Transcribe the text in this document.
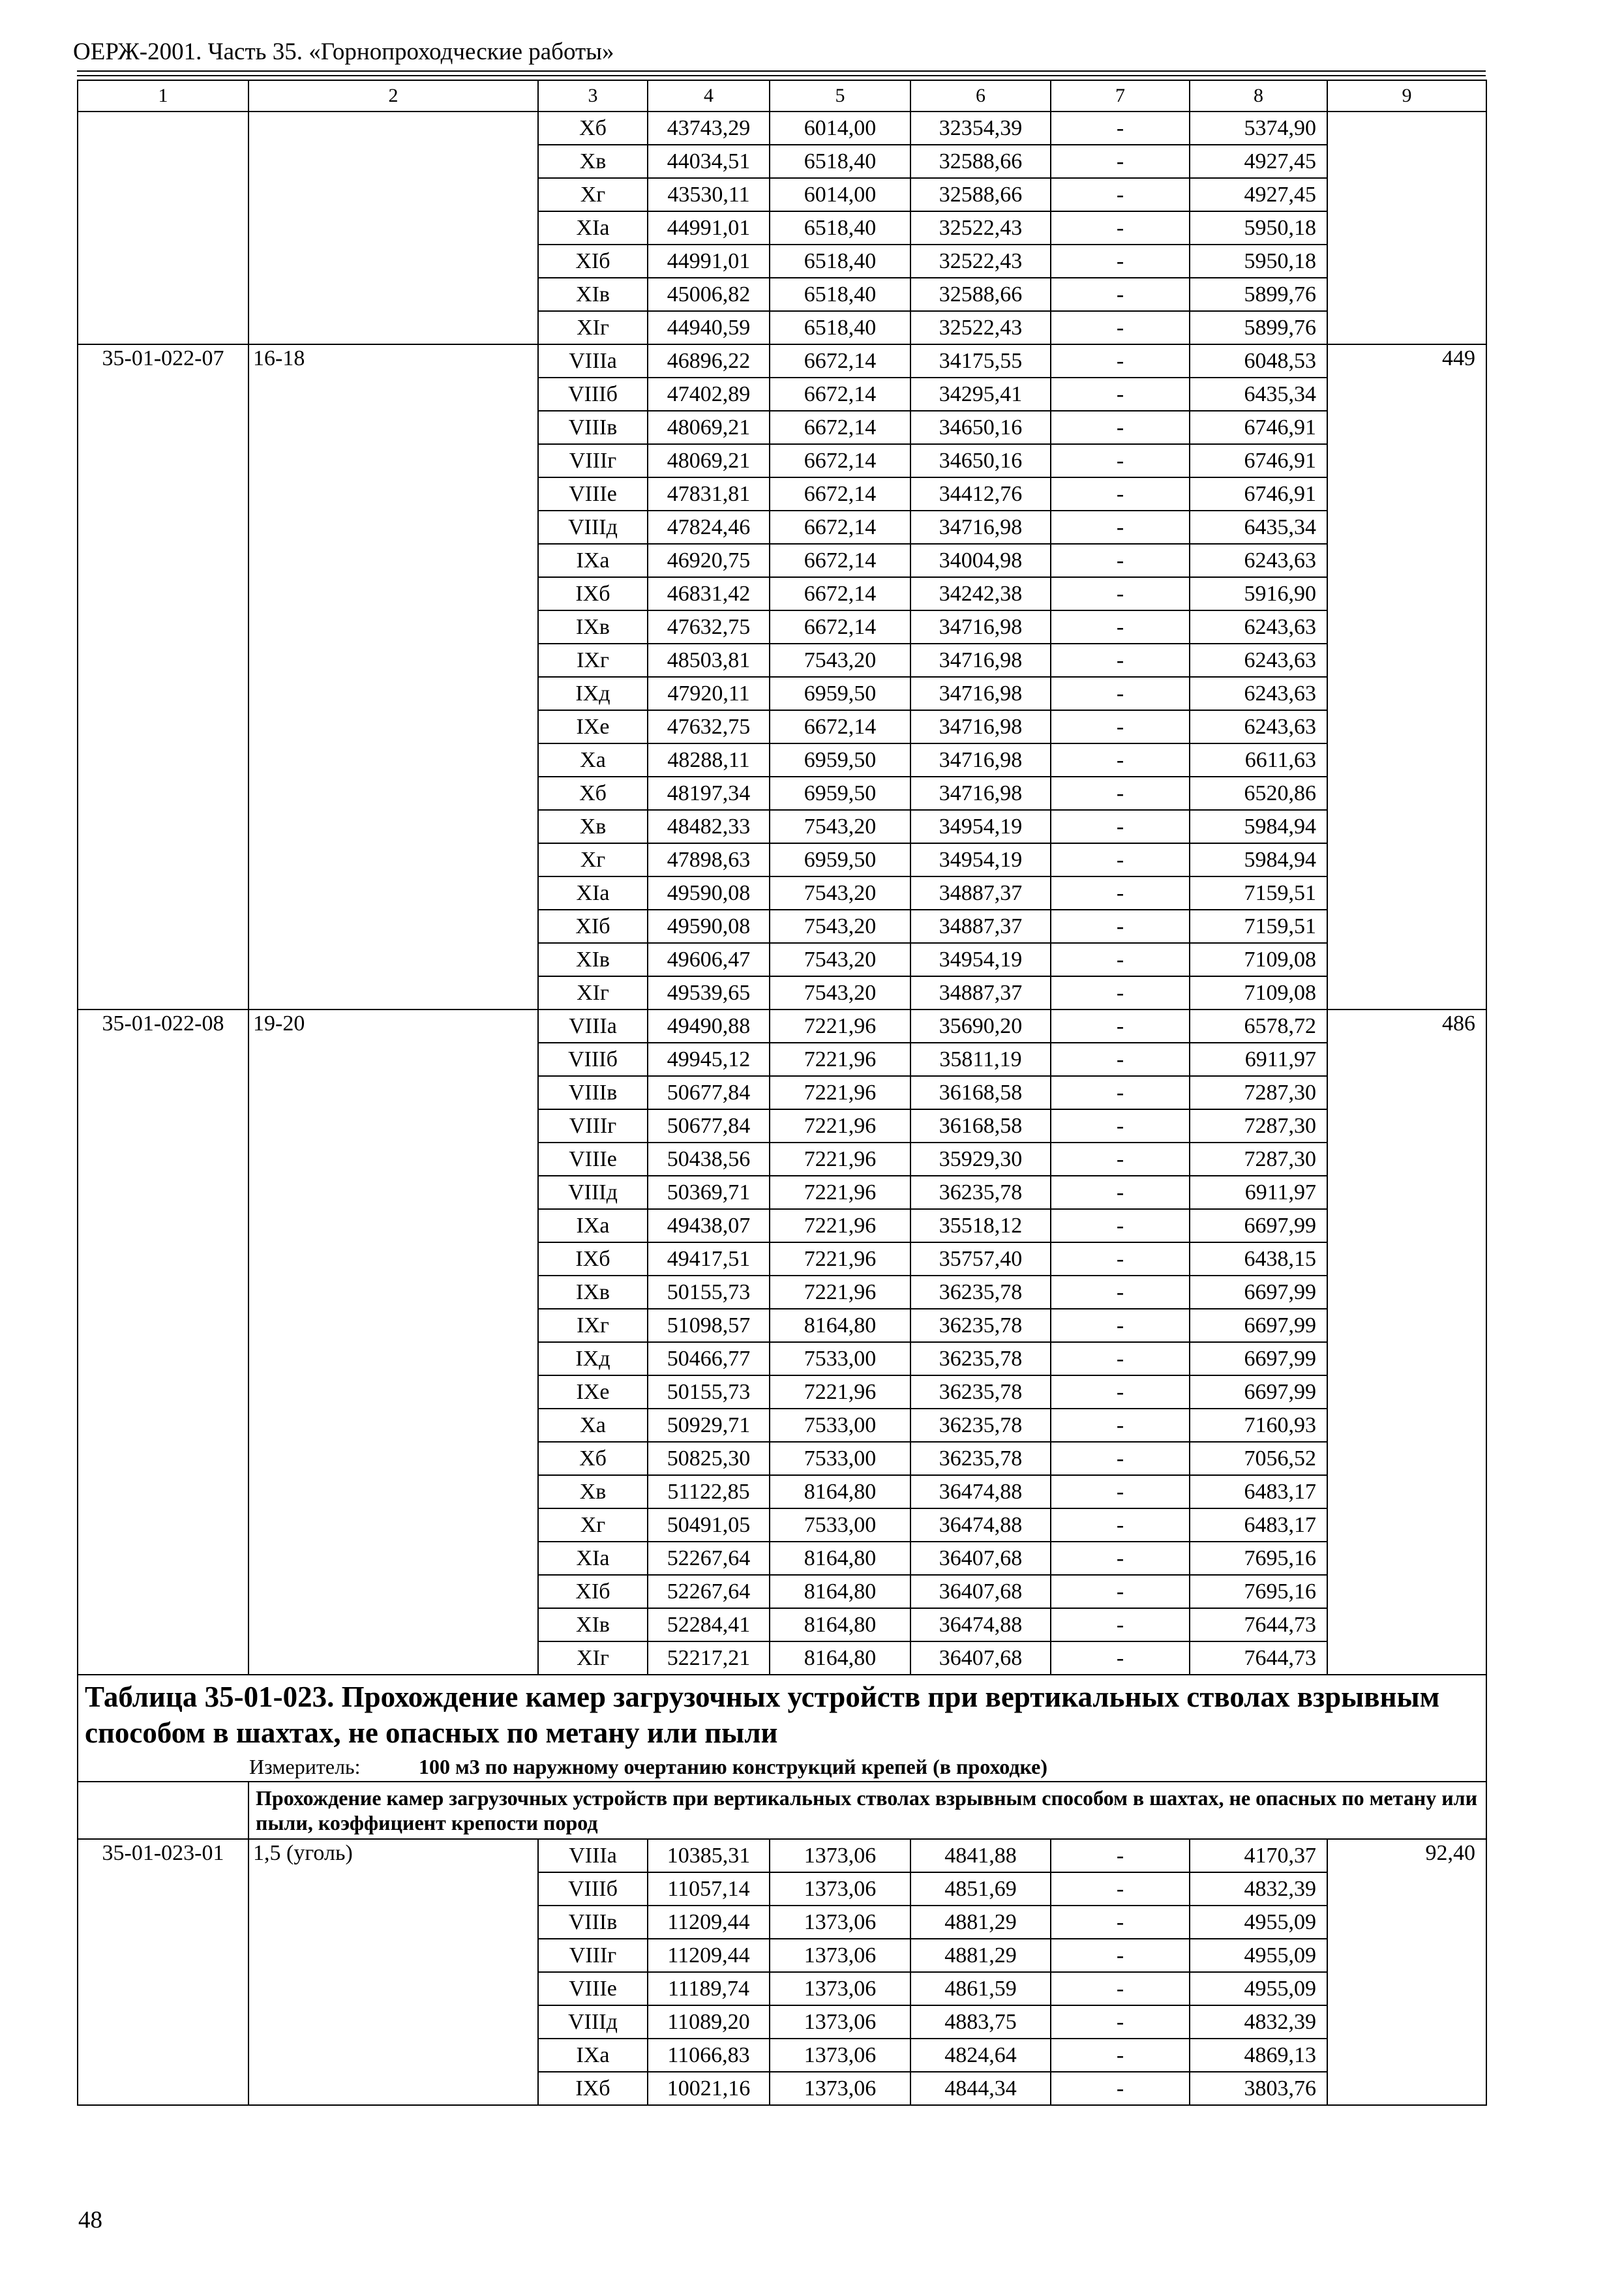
ОЕРЖ-2001. Часть 35. «Горнопроходческие работы»
1	2	3	4	5	6	7	8	9
		Xб	43743,29	6014,00	32354,39	-	5374,90	
		Xв	44034,51	6518,40	32588,66	-	4927,45	
		Xг	43530,11	6014,00	32588,66	-	4927,45	
		XIa	44991,01	6518,40	32522,43	-	5950,18	
		XIб	44991,01	6518,40	32522,43	-	5950,18	
		XIв	45006,82	6518,40	32588,66	-	5899,76	
		XIг	44940,59	6518,40	32522,43	-	5899,76	
35-01-022-07	16-18	VIIIa	46896,22	6672,14	34175,55	-	6048,53	449
		VIIIб	47402,89	6672,14	34295,41	-	6435,34	
		VIIIв	48069,21	6672,14	34650,16	-	6746,91	
		VIIIг	48069,21	6672,14	34650,16	-	6746,91	
		VIIIе	47831,81	6672,14	34412,76	-	6746,91	
		VIIIд	47824,46	6672,14	34716,98	-	6435,34	
		IXa	46920,75	6672,14	34004,98	-	6243,63	
		IXб	46831,42	6672,14	34242,38	-	5916,90	
		IXв	47632,75	6672,14	34716,98	-	6243,63	
		IXг	48503,81	7543,20	34716,98	-	6243,63	
		IXд	47920,11	6959,50	34716,98	-	6243,63	
		IXе	47632,75	6672,14	34716,98	-	6243,63	
		Xa	48288,11	6959,50	34716,98	-	6611,63	
		Xб	48197,34	6959,50	34716,98	-	6520,86	
		Xв	48482,33	7543,20	34954,19	-	5984,94	
		Xг	47898,63	6959,50	34954,19	-	5984,94	
		XIa	49590,08	7543,20	34887,37	-	7159,51	
		XIб	49590,08	7543,20	34887,37	-	7159,51	
		XIв	49606,47	7543,20	34954,19	-	7109,08	
		XIг	49539,65	7543,20	34887,37	-	7109,08	
35-01-022-08	19-20	VIIIa	49490,88	7221,96	35690,20	-	6578,72	486
		VIIIб	49945,12	7221,96	35811,19	-	6911,97	
		VIIIв	50677,84	7221,96	36168,58	-	7287,30	
		VIIIг	50677,84	7221,96	36168,58	-	7287,30	
		VIIIе	50438,56	7221,96	35929,30	-	7287,30	
		VIIIд	50369,71	7221,96	36235,78	-	6911,97	
		IXa	49438,07	7221,96	35518,12	-	6697,99	
		IXб	49417,51	7221,96	35757,40	-	6438,15	
		IXв	50155,73	7221,96	36235,78	-	6697,99	
		IXг	51098,57	8164,80	36235,78	-	6697,99	
		IXд	50466,77	7533,00	36235,78	-	6697,99	
		IXе	50155,73	7221,96	36235,78	-	6697,99	
		Xa	50929,71	7533,00	36235,78	-	7160,93	
		Xб	50825,30	7533,00	36235,78	-	7056,52	
		Xв	51122,85	8164,80	36474,88	-	6483,17	
		Xг	50491,05	7533,00	36474,88	-	6483,17	
		XIa	52267,64	8164,80	36407,68	-	7695,16	
		XIб	52267,64	8164,80	36407,68	-	7695,16	
		XIв	52284,41	8164,80	36474,88	-	7644,73	
		XIг	52217,21	8164,80	36407,68	-	7644,73	
Таблица 35-01-023. Прохождение камер загрузочных устройств при вертикальных стволах взрывным способом в шахтах, не опасных по метану или пыли								
Измеритель: 100 м3 по наружному очертанию конструкций крепей (в проходке)								
	Прохождение камер загрузочных устройств при вертикальных стволах взрывным способом в шахтах, не опасных по метану или пыли, коэффициент крепости пород							
35-01-023-01	1,5 (уголь)	VIIIa	10385,31	1373,06	4841,88	-	4170,37	92,40
		VIIIб	11057,14	1373,06	4851,69	-	4832,39	
		VIIIв	11209,44	1373,06	4881,29	-	4955,09	
		VIIIг	11209,44	1373,06	4881,29	-	4955,09	
		VIIIе	11189,74	1373,06	4861,59	-	4955,09	
		VIIIд	11089,20	1373,06	4883,75	-	4832,39	
		IXa	11066,83	1373,06	4824,64	-	4869,13	
		IXб	10021,16	1373,06	4844,34	-	3803,76	
48
